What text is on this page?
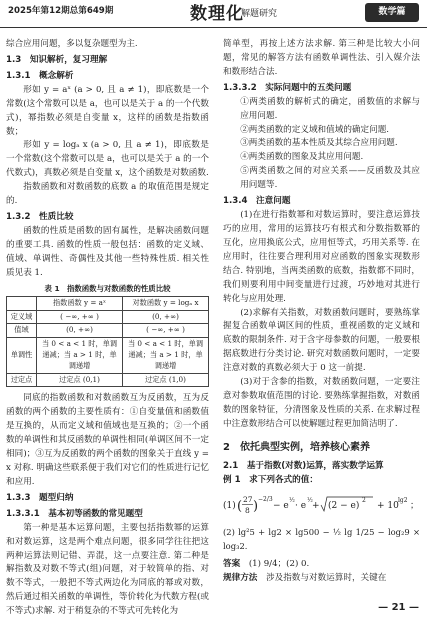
2025年第12期总第649期	数理化
解题研究	数学篇

综合应用问题，多以复杂题型为主.

1.3　知识解析，复习理解
1.3.1　概念解析

形如 y = aˣ (a > 0, 且 a ≠ 1)，即底数是一个常数(这个常数可以是 a，也可以是关于 a 的一个代数式)，幂指数必须是自变量 x，这样的函数是指数函数；

形如 y = logₐ x (a > 0, 且 a ≠ 1)，即底数是一个常数(这个常数可以是 a，也可以是关于 a 的一个代数式)，真数必须是自变量 x，这个函数是对数函数.

指数函数和对数函数的底数 a 的取值范围是规定的.

1.3.2　性质比较

函数的性质是函数的固有属性，是解决函数问题的重要工具. 函数的性质一般包括：函数的定义域、值域、单调性、奇偶性及其他一些特殊性质. 相关性质见表 1.

表 1　指数函数与对数函数的性质比较
	指数函数 y = aˣ	对数函数 y = logₐ x
定义域	( −∞, +∞ )	(0, +∞)
值域	(0, +∞)	( −∞, +∞ )
单调性	当 0 < a < 1 时，单调递减；当 a > 1 时，单调递增	当 0 < a < 1 时，单调递减；当 a > 1 时，单调递增
过定点	过定点 (0,1)	过定点 (1,0)

同底的指数函数和对数函数互为反函数，互为反函数的两个函数的主要性质有：①自变量值和函数值是互换的，从而定义域和值域也是互换的；②一个函数的单调性和其反函数的单调性相同(单调区间不一定相同)；③互为反函数的两个函数的图象关于直线 y = x 对称. 明确这些联系便于我们对它们的性质进行记忆和应用.

1.3.3　题型归纳
1.3.3.1　基本初等函数的常见题型

第一种是基本运算问题，主要包括指数幂的运算和对数运算，这是两个难点问题，很多同学往往把这两种运算法则记错、弄混，这一点要注意. 第二种是解指数及对数不等式(组)问题，对于较简单的指、对数不等式，一般把不等式两边化为同底的幂或对数，然后通过相关函数的单调性，等价转化为代数方程(或不等式)求解. 对于稍复杂的不等式可先转化为

简单型，再按上述方法求解. 第三种是比较大小问题，常见的解答方法有函数单调性法、引入媒介法和数形结合法.

1.3.3.2　实际问题中的五类问题

①两类函数的解析式的确定，函数值的求解与应用问题.

②两类函数的定义域和值域的确定问题.

③两类函数的基本性质及其综合应用问题.

④两类函数的图象及其应用问题.

⑤两类函数之间的对应关系——反函数及其应用问题等.

1.3.4　注意问题

(1)在进行指数幂和对数运算时，要注意运算技巧的应用，常用的运算技巧有根式和分数指数幂的互化，应用换底公式，应用恒等式，巧用关系等. 在应用时，往往要合理利用对应函数的图象实现数形结合. 特别地，当两类函数的底数，指数都不同时，我们则要利用中间变量进行过渡，巧妙地对其进行转化与应用处理.

(2)求解有关指数，对数函数问题时，要熟练掌握复合函数单调区间的性质，重视函数的定义域和底数的限制条件. 对于含字母参数的问题，一般要根据底数进行分类讨论. 研究对数函数问题时，一定要注意对数的真数必须大于 0 这一前提.

(3)对于含参的指数，对数函数问题，一定要注意对参数取值范围的讨论. 要熟练掌握指数，对数函数的图象特征，分清图象及性质的关系. 在求解过程中注意数形结合可以使解题过程更加简洁明了.

2　依托典型实例，培养核心素养
2.1　基于指数(对数)运算，落实数学运算

例 1　求下列各式的值：

(1) ( 27
8 ) −2/3
− e
½
· e
½
+ (2 − e)
2
+ 10
lg2
；

(2) lg²5 + lg2 × lg500 − ½ lg 1/25 − log₂9 × log₃2.

答案　 (1) 9/4；(2) 0.

规律方法　 涉及指数与对数运算时，关键在

— 21 —
